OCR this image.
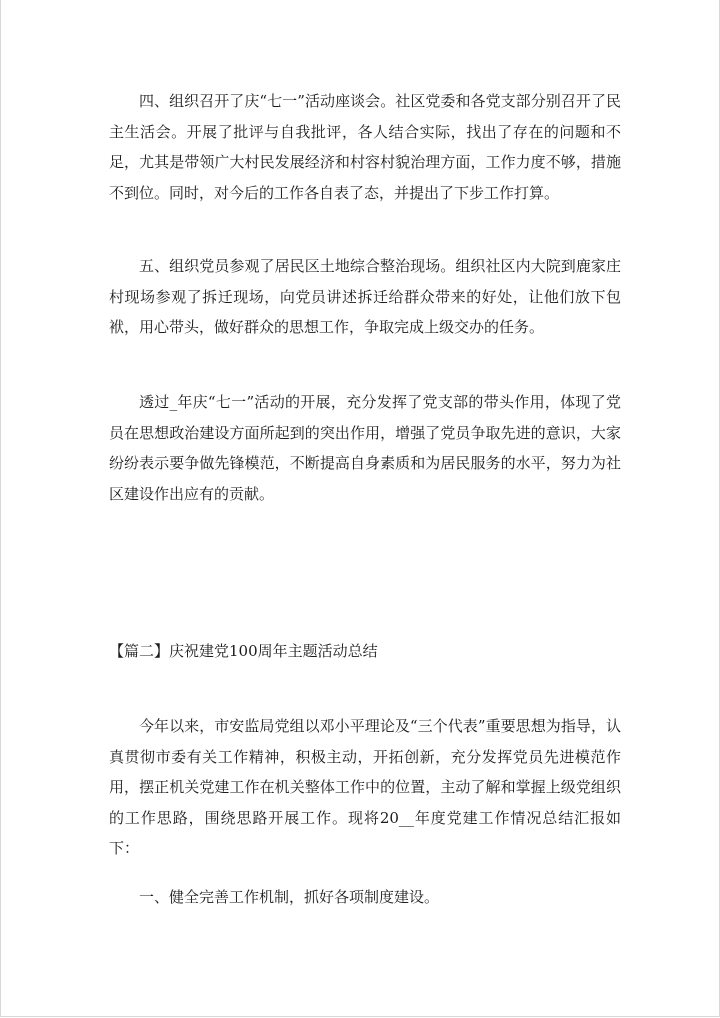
四、组织召开了庆“七一”活动座谈会。社区党委和各党支部分别召开了民主生活会。开展了批评与自我批评，各人结合实际，找出了存在的问题和不足，尤其是带领广大村民发展经济和村容村貌治理方面，工作力度不够，措施不到位。同时，对今后的工作各自表了态，并提出了下步工作打算。

五、组织党员参观了居民区土地综合整治现场。组织社区内大院到鹿家庄村现场参观了拆迁现场，向党员讲述拆迁给群众带来的好处，让他们放下包袱，用心带头，做好群众的思想工作，争取完成上级交办的任务。

透过_年庆“七一”活动的开展，充分发挥了党支部的带头作用，体现了党员在思想政治建设方面所起到的突出作用，增强了党员争取先进的意识，大家纷纷表示要争做先锋模范，不断提高自身素质和为居民服务的水平，努力为社区建设作出应有的贡献。

【篇二】庆祝建党100周年主题活动总结

今年以来，市安监局党组以邓小平理论及“三个代表”重要思想为指导，认真贯彻市委有关工作精神，积极主动，开拓创新，充分发挥党员先进模范作用，摆正机关党建工作在机关整体工作中的位置，主动了解和掌握上级党组织的工作思路，围绕思路开展工作。现将20__年度党建工作情况总结汇报如下：

一、健全完善工作机制，抓好各项制度建设。
